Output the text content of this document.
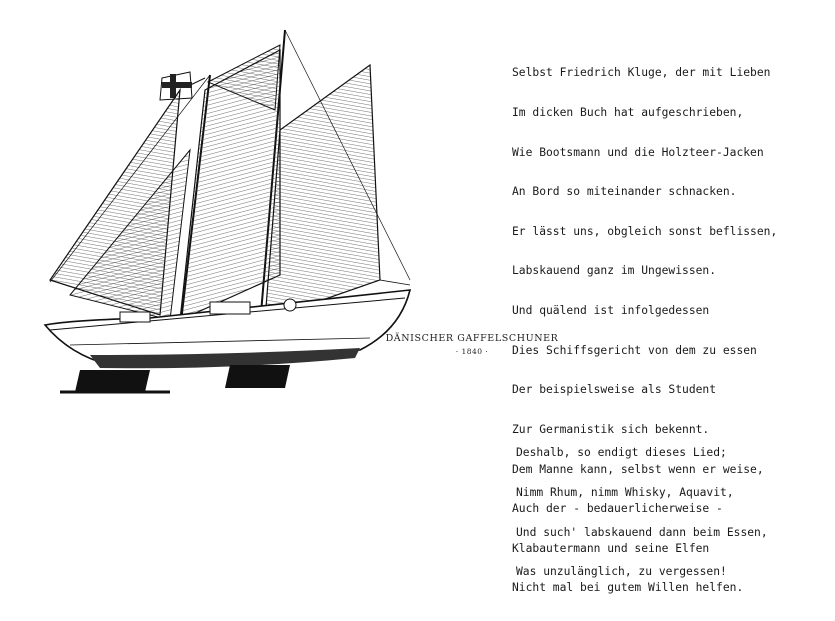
DÄNISCHER GAFFELSCHUNER
· 1840 ·

Selbst Friedrich Kluge, der mit Lieben

Im dicken Buch hat aufgeschrieben,

Wie Bootsmann und die Holzteer-Jacken

An Bord so miteinander schnacken.

Er lässt uns, obgleich sonst beflissen,

Labskauend ganz im Ungewissen.

Und quälend ist infolgedessen

Dies Schiffsgericht von dem zu essen

Der beispielsweise als Student

Zur Germanistik sich bekennt.

Dem Manne kann, selbst wenn er weise,

Auch der - bedauerlicherweise -

Klabautermann und seine Elfen

Nicht mal bei gutem Willen helfen.

Deshalb, so endigt dieses Lied;

Nimm Rhum, nimm Whisky, Aquavit,

Und such' labskauend dann beim Essen,

Was unzulänglich, zu vergessen!
